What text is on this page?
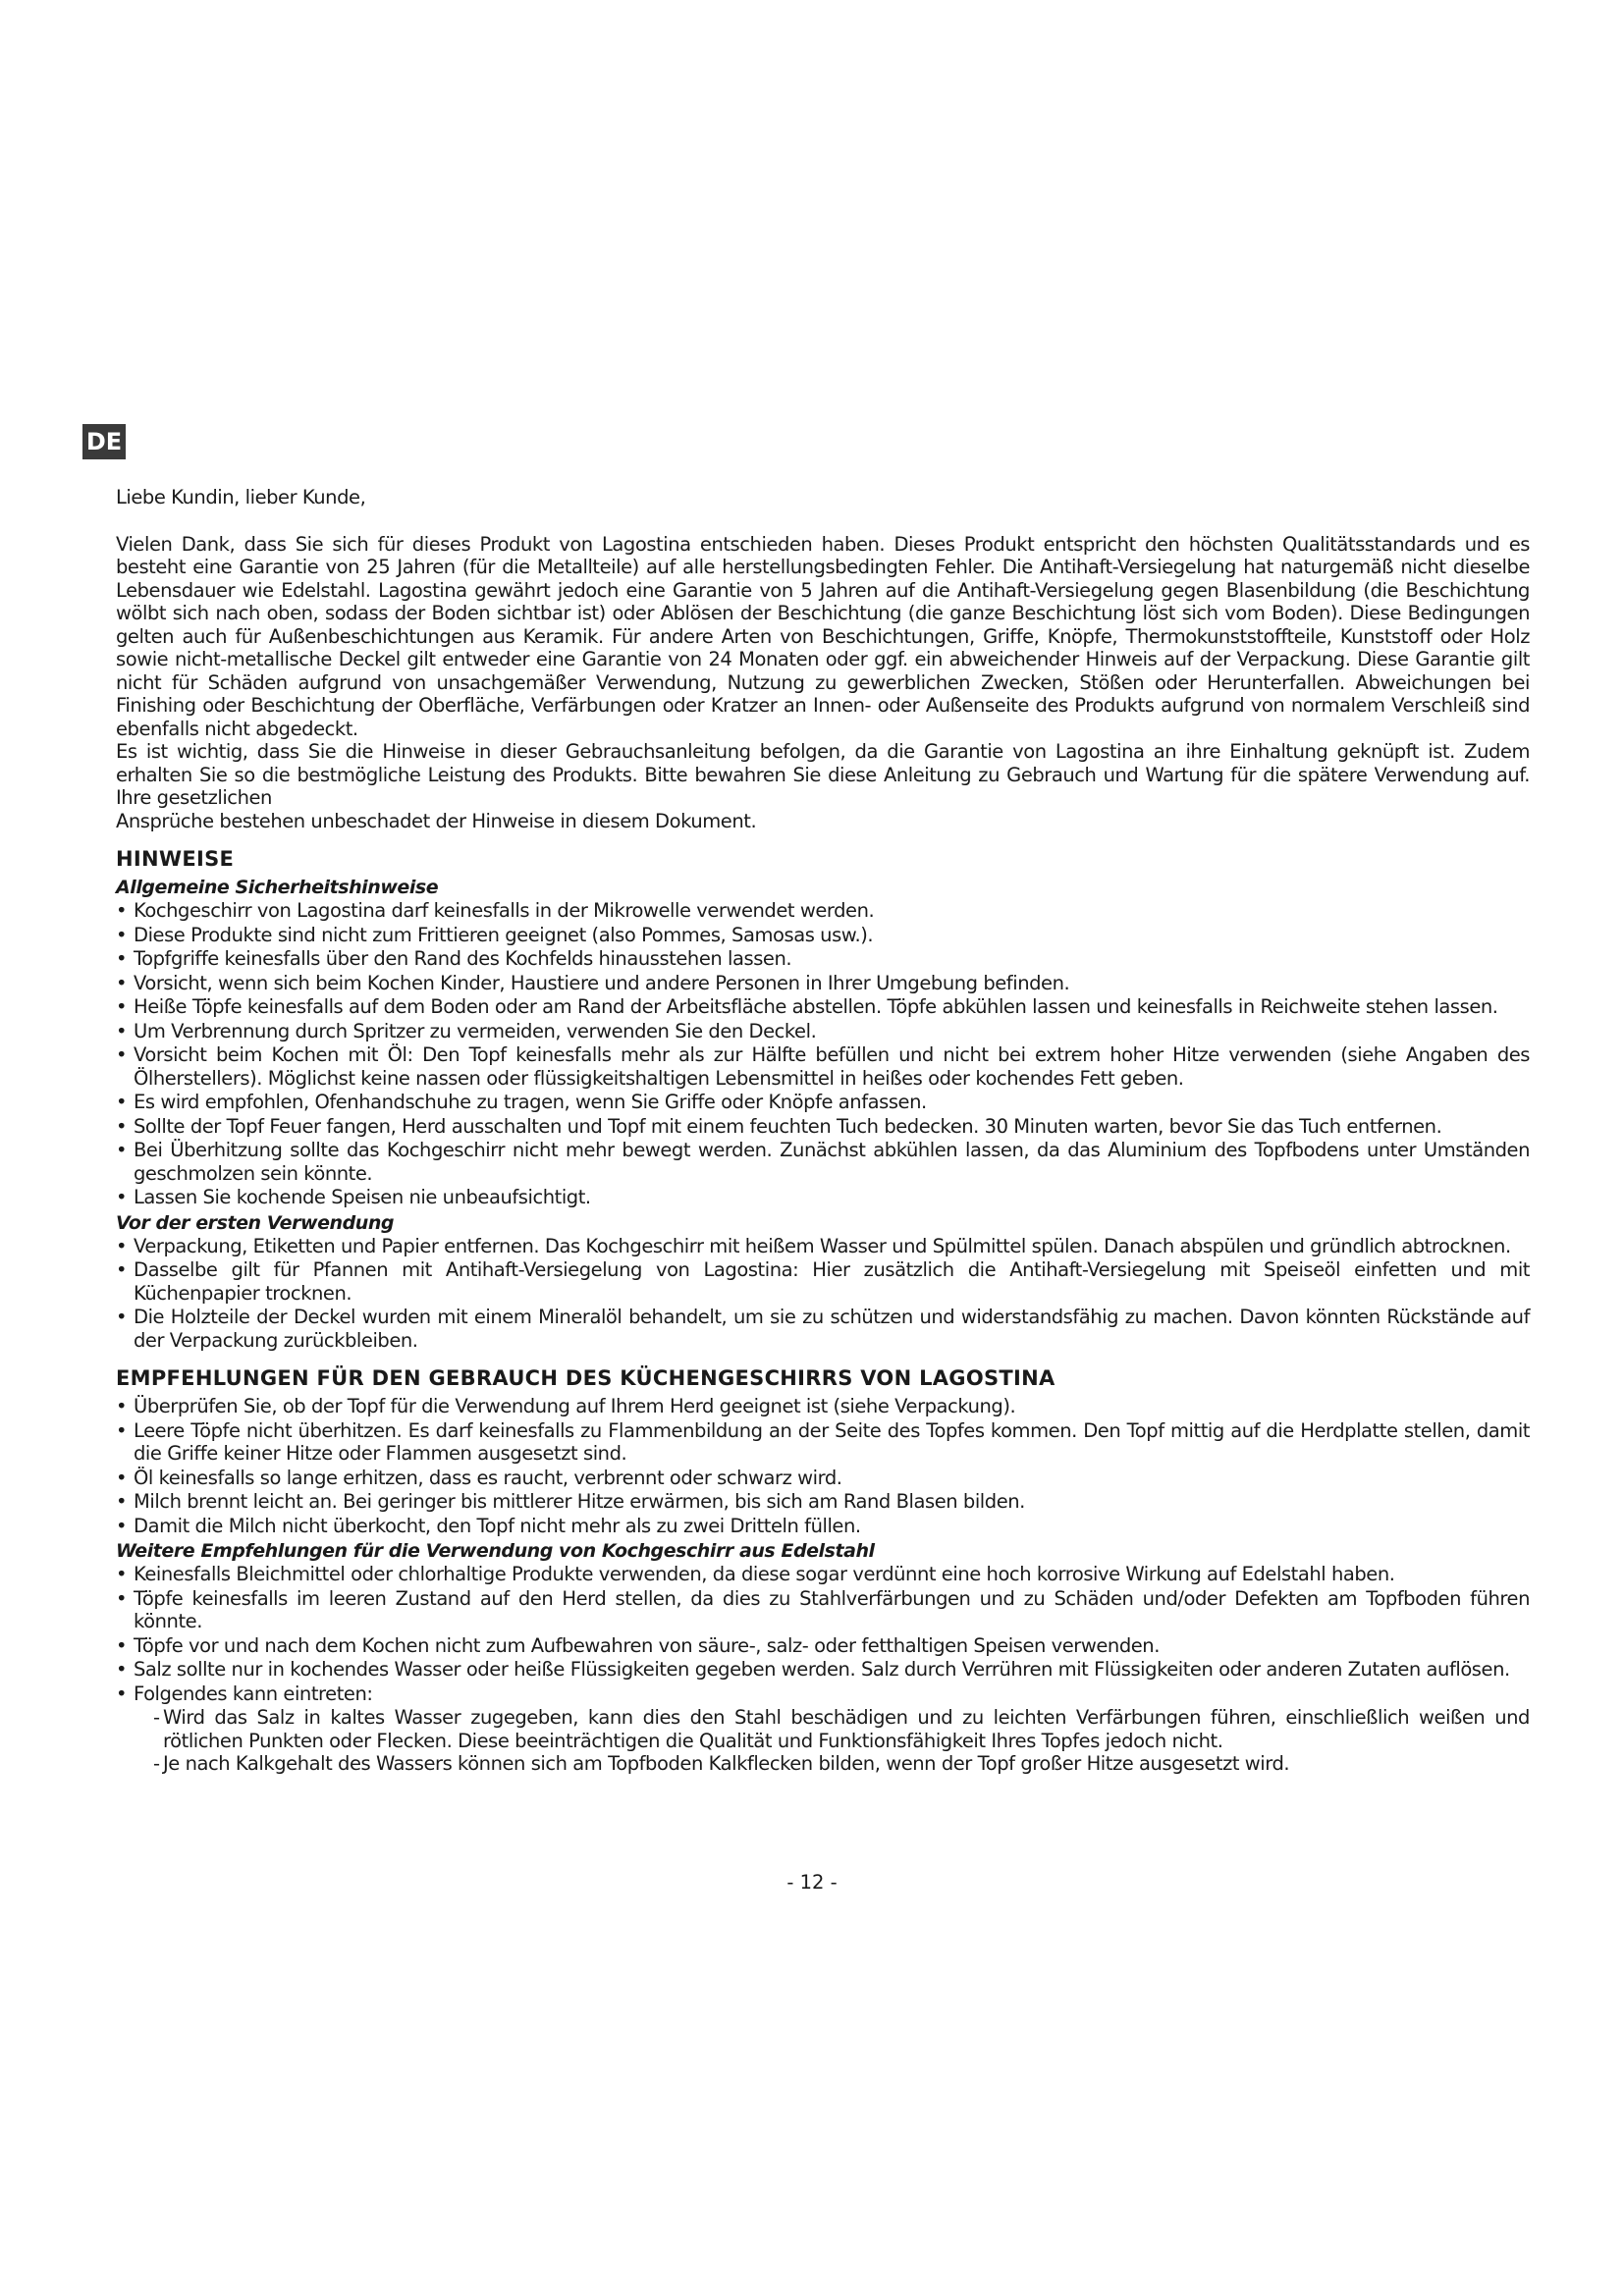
DE

Liebe Kundin, lieber Kunde,

Vielen Dank, dass Sie sich für dieses Produkt von Lagostina entschieden haben. Dieses Produkt entspricht den höchsten Qualitätsstandards und es besteht eine Garantie von 25 Jahren (für die Metallteile) auf alle herstellungsbedingten Fehler. Die Antihaft-Versiegelung hat naturgemäß nicht dieselbe Lebensdauer wie Edelstahl. Lagostina gewährt jedoch eine Garantie von 5 Jahren auf die Antihaft-Versiegelung gegen Blasenbildung (die Beschichtung wölbt sich nach oben, sodass der Boden sichtbar ist) oder Ablösen der Beschichtung (die ganze Beschichtung löst sich vom Boden). Diese Bedingungen gelten auch für Außenbeschichtungen aus Keramik. Für andere Arten von Beschichtungen, Griffe, Knöpfe, Thermokunststoffteile, Kunststoff oder Holz sowie nicht-metallische Deckel gilt entweder eine Garantie von 24 Monaten oder ggf. ein abweichender Hinweis auf der Verpackung. Diese Garantie gilt nicht für Schäden aufgrund von unsachgemäßer Verwendung, Nutzung zu gewerblichen Zwecken, Stößen oder Herunterfallen. Abweichungen bei Finishing oder Beschichtung der Oberfläche, Verfärbungen oder Kratzer an Innen- oder Außenseite des Produkts aufgrund von normalem Verschleiß sind ebenfalls nicht abgedeckt.

Es ist wichtig, dass Sie die Hinweise in dieser Gebrauchsanleitung befolgen, da die Garantie von Lagostina an ihre Einhaltung geknüpft ist. Zudem erhalten Sie so die bestmögliche Leistung des Produkts. Bitte bewahren Sie diese Anleitung zu Gebrauch und Wartung für die spätere Verwendung auf. Ihre gesetzlichen

Ansprüche bestehen unbeschadet der Hinweise in diesem Dokument.

HINWEISE
Allgemeine Sicherheitshinweise
• Kochgeschirr von Lagostina darf keinesfalls in der Mikrowelle verwendet werden.
• Diese Produkte sind nicht zum Frittieren geeignet (also Pommes, Samosas usw.).
• Topfgriffe keinesfalls über den Rand des Kochfelds hinausstehen lassen.
• Vorsicht, wenn sich beim Kochen Kinder, Haustiere und andere Personen in Ihrer Umgebung befinden.
• Heiße Töpfe keinesfalls auf dem Boden oder am Rand der Arbeitsfläche abstellen. Töpfe abkühlen lassen und keinesfalls in Reichweite stehen lassen.
• Um Verbrennung durch Spritzer zu vermeiden, verwenden Sie den Deckel.
• Vorsicht beim Kochen mit Öl: Den Topf keinesfalls mehr als zur Hälfte befüllen und nicht bei extrem hoher Hitze verwenden (siehe Angaben des Ölherstellers). Möglichst keine nassen oder flüssigkeitshaltigen Lebensmittel in heißes oder kochendes Fett geben.
• Es wird empfohlen, Ofenhandschuhe zu tragen, wenn Sie Griffe oder Knöpfe anfassen.
• Sollte der Topf Feuer fangen, Herd ausschalten und Topf mit einem feuchten Tuch bedecken. 30 Minuten warten, bevor Sie das Tuch entfernen.
• Bei Überhitzung sollte das Kochgeschirr nicht mehr bewegt werden. Zunächst abkühlen lassen, da das Aluminium des Topfbodens unter Umständen geschmolzen sein könnte.
• Lassen Sie kochende Speisen nie unbeaufsichtigt.
Vor der ersten Verwendung
• Verpackung, Etiketten und Papier entfernen. Das Kochgeschirr mit heißem Wasser und Spülmittel spülen. Danach abspülen und gründlich abtrocknen.
• Dasselbe gilt für Pfannen mit Antihaft-Versiegelung von Lagostina: Hier zusätzlich die Antihaft-Versiegelung mit Speiseöl einfetten und mit Küchenpapier trocknen.
• Die Holzteile der Deckel wurden mit einem Mineralöl behandelt, um sie zu schützen und widerstandsfähig zu machen. Davon könnten Rückstände auf der Verpackung zurückbleiben.
EMPFEHLUNGEN FÜR DEN GEBRAUCH DES KÜCHENGESCHIRRS VON LAGOSTINA
• Überprüfen Sie, ob der Topf für die Verwendung auf Ihrem Herd geeignet ist (siehe Verpackung).
• Leere Töpfe nicht überhitzen. Es darf keinesfalls zu Flammenbildung an der Seite des Topfes kommen. Den Topf mittig auf die Herdplatte stellen, damit die Griffe keiner Hitze oder Flammen ausgesetzt sind.
• Öl keinesfalls so lange erhitzen, dass es raucht, verbrennt oder schwarz wird.
• Milch brennt leicht an. Bei geringer bis mittlerer Hitze erwärmen, bis sich am Rand Blasen bilden.
• Damit die Milch nicht überkocht, den Topf nicht mehr als zu zwei Dritteln füllen.
Weitere Empfehlungen für die Verwendung von Kochgeschirr aus Edelstahl
• Keinesfalls Bleichmittel oder chlorhaltige Produkte verwenden, da diese sogar verdünnt eine hoch korrosive Wirkung auf Edelstahl haben.
• Töpfe keinesfalls im leeren Zustand auf den Herd stellen, da dies zu Stahlverfärbungen und zu Schäden und/oder Defekten am Topfboden führen könnte.
• Töpfe vor und nach dem Kochen nicht zum Aufbewahren von säure-, salz- oder fetthaltigen Speisen verwenden.
• Salz sollte nur in kochendes Wasser oder heiße Flüssigkeiten gegeben werden. Salz durch Verrühren mit Flüssigkeiten oder anderen Zutaten auflösen.
• Folgendes kann eintreten:
- Wird das Salz in kaltes Wasser zugegeben, kann dies den Stahl beschädigen und zu leichten Verfärbungen führen, einschließlich weißen und rötlichen Punkten oder Flecken. Diese beeinträchtigen die Qualität und Funktionsfähigkeit Ihres Topfes jedoch nicht.
- Je nach Kalkgehalt des Wassers können sich am Topfboden Kalkflecken bilden, wenn der Topf großer Hitze ausgesetzt wird.
- 12 -
